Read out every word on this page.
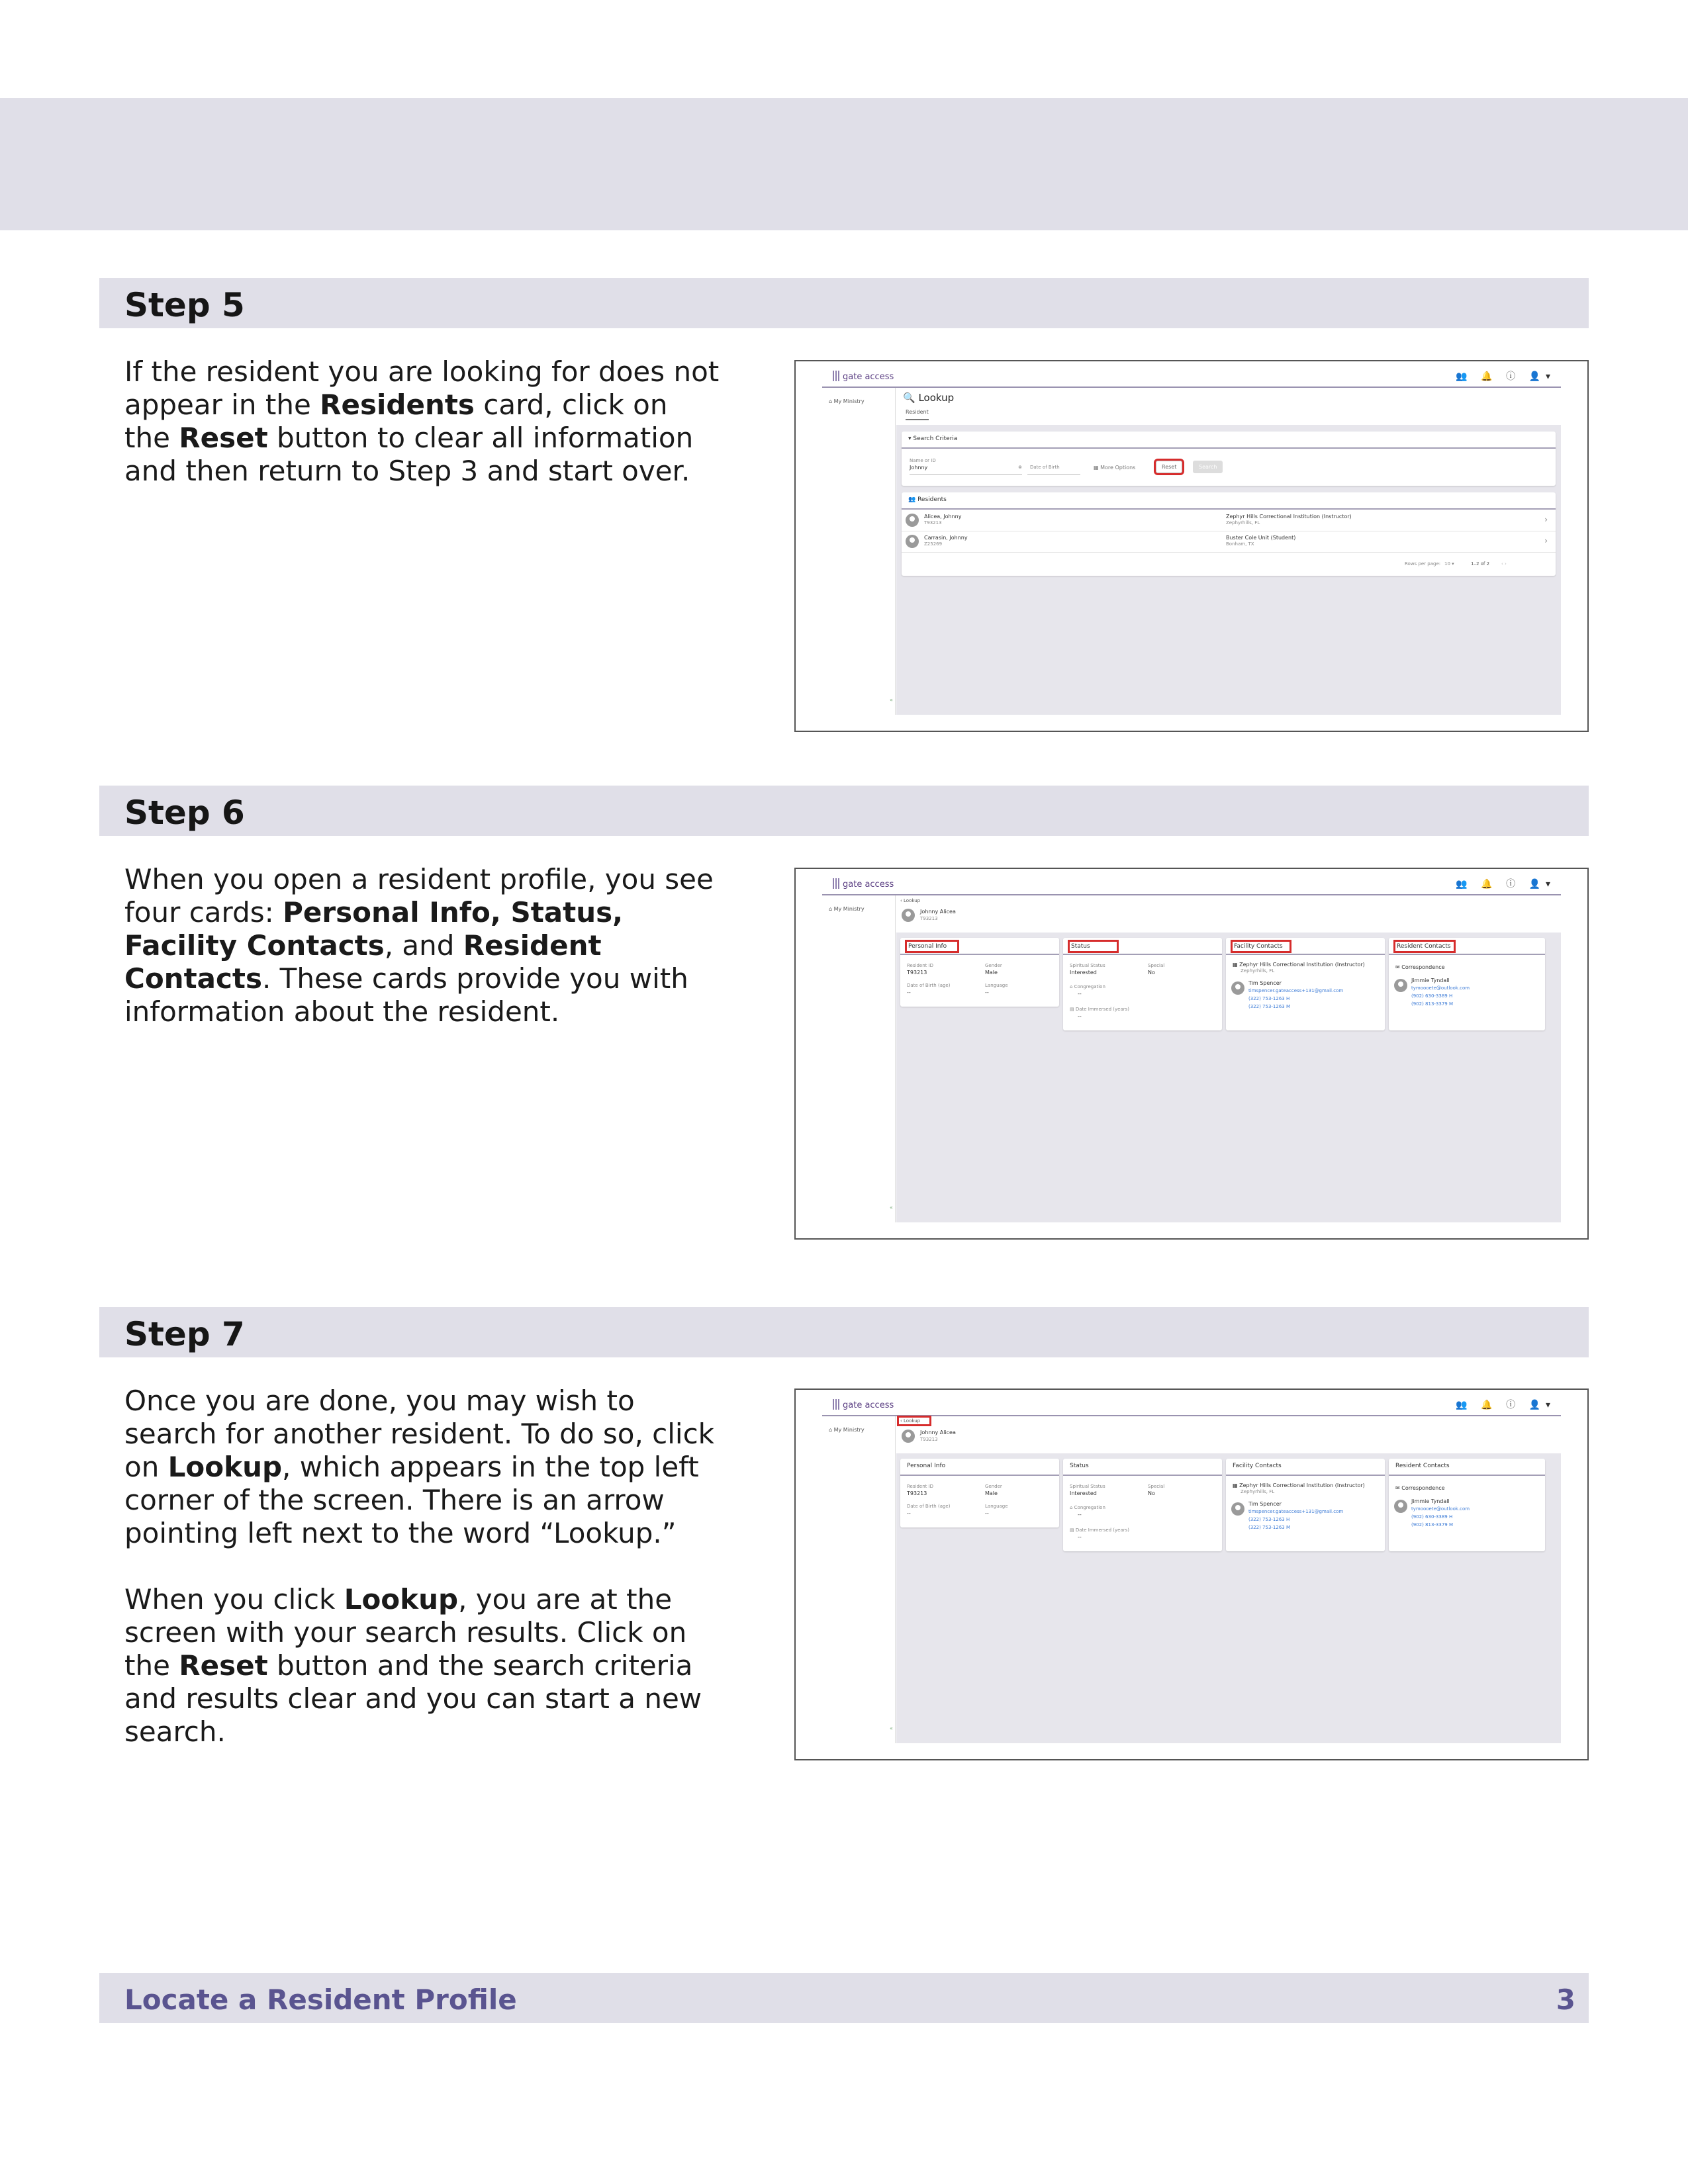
Step 5

If the resident you are looking for does not appear in the Residents card, click on the Reset button to clear all information and then return to Step 3 and start over.

gate access	👥 🔔 ⓘ 👤▾
⌂ My Ministry
«
🔍 Lookup
Resident
▾ Search Criteria
Name or ID
Johnny	⊗ Date of Birth	▦ More Options	Reset	Search
👥 Residents
Alicea, Johnny
T93213
Zephyr Hills Correctional Institution (Instructor)
Zephyrhills, FL	›
Carrasin, Johnny
Z25269
Buster Cole Unit (Student)
Bonham, TX	›
Rows per page: 10 ▾	1–2 of 2	‹ ›
Step 6

When you open a resident profile, you see four cards: Personal Info, Status, Facility Contacts, and Resident Contacts. These cards provide you with information about the resident.

gate access	👥 🔔 ⓘ 👤▾
⌂ My Ministry
«
‹ Lookup
Johnny Alicea
T93213
Personal Info
Resident ID
T93213
Gender
Male
Date of Birth (age)
--
Language
--
Status
Spiritual Status
Interested
Special
No
⌂ Congregation
--
▤ Date Immersed (years)
--
Facility Contacts
▦ Zephyr Hills Correctional Institution (Instructor)
Zephyrhills, FL
Tim Spencer
timspencer.gateaccess+131@gmail.com
(322) 753-1263 H
(322) 753-1263 M
Resident Contacts
✉ Correspondence
Jimmie Tyndall
tymoooete@outlook.com
(902) 630-3389 H
(902) 813-3379 M
Step 7

Once you are done, you may wish to search for another resident. To do so, click on Lookup, which appears in the top left corner of the screen. There is an arrow pointing left next to the word “Lookup.”

When you click Lookup, you are at the screen with your search results. Click on the Reset button and the search criteria and results clear and you can start a new search.

gate access	👥 🔔 ⓘ 👤▾
⌂ My Ministry
«
‹ Lookup
Johnny Alicea
T93213
Personal Info
Resident ID
T93213
Gender
Male
Date of Birth (age)
--
Language
--
Status
Spiritual Status
Interested
Special
No
⌂ Congregation
--
▤ Date Immersed (years)
--
Facility Contacts
▦ Zephyr Hills Correctional Institution (Instructor)
Zephyrhills, FL
Tim Spencer
timspencer.gateaccess+131@gmail.com
(322) 753-1263 H
(322) 753-1263 M
Resident Contacts
✉ Correspondence
Jimmie Tyndall
tymoooete@outlook.com
(902) 630-3389 H
(902) 813-3379 M
Locate a Resident Profile	3
